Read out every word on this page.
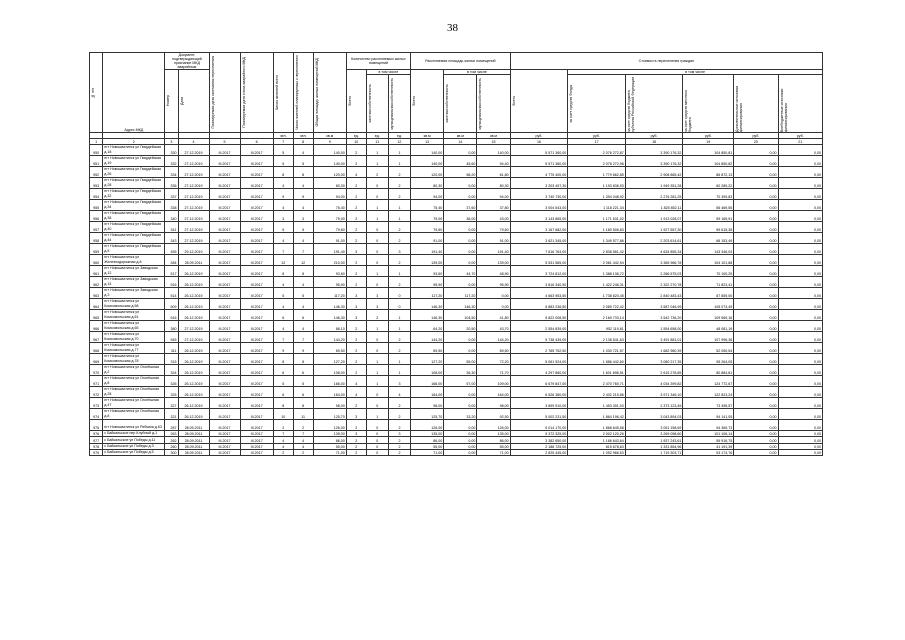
38
№ п/п	Адрес МКД	Документ, подтверждающий признание МКД аварийным		Планируемая дата окончания переселения	Планируемая дата сноса аварийного МКД	Число жителей всего	Число жителей планируемых к переселению	Общая площадь жилых помещений МКД	Количество расселяемых жилых помещений			Расселяемая площадь жилых помещений			Стоимость переселения граждан					

		Номер	Дата						Всего	в том числе		Всего	в том числе		Всего	в том числе				

										частная собственность	муниципальная собственность		частная собственность	муниципальная собственность		за счет средств Фонда	за счет средств бюджета субъекта Российской Федерации	за счет средств местного бюджета	Дополнительные источники финансирования	Внебюджетные источники финансирования

						чел.	чел.	кв.м	ед.	ед.	ед.	кв.м	кв.м	кв.м	руб.	руб.	руб.	руб.	руб.	руб.
1	2	3	4	5	6	7	8	9	10	11	12	13	14	15	16	17	18	19	20	21
950	пгт Новошахтинск ул Гвардейская д.18	330	27.12.2019	III.2017	III.2017	5	4	140,00	2	1	1	140,00	0,00	140,00	5 571 360,00	2 076 272,87	3 390 176,32	104 850,81	0,00	0,00
951	пгт Новошахтинск ул Гвардейская д.19	332	27.12.2019	III.2017	III.2017	5	5	140,00	2	1	1	140,00	45,60	94,40	5 571 360,00	2 076 272,96	3 390 176,32	104 850,82	0,00	0,00
952	пгт Новошахтинск ул Гвардейская д.26	334	27.12.2019	III.2017	III.2017	8	8	120,00	4	2	2	120,00	58,20	61,80	4 775 400,00	1 779 662,85	2 908 865,42	86 872,13	0,00	0,00
953	пгт Новошахтинск ул Гвардейская д.28	336	27.12.2019	III.2017	III.2017	4	4	80,30	2	0	2	80,30	0,00	80,30	3 203 497,30	1 193 836,93	1 949 351,28	60 289,22	0,00	0,00
954	пгт Новошахтинск ул Гвардейская д.32	337	27.12.2019	III.2017	III.2017	9	9	94,00	2	0	2	94,00	0,00	94,00	3 740 730,00	1 394 048,92	2 276 281,25	70 399,83	0,00	0,00
955	пгт Новошахтинск ул Гвардейская д.34	338	27.12.2019	III.2017	III.2017	4	4	75,40	2	1	1	75,40	37,60	37,80	3 004 543,00	1 118 221,34	1 825 852,11	56 469,55	0,00	0,00
956	пгт Новошахтинск ул Гвардейская д.38	340	27.12.2019	III.2017	III.2017	3	3	79,00	2	1	1	79,00	36,00	43,00	3 143 865,00	1 171 631,02	1 913 028,07	59 165,91	0,00	0,00
957	пгт Новошахтинск ул Гвардейская д.40	341	27.12.2019	III.2017	III.2017	5	5	79,60	2	0	2	79,60	0,00	79,60	3 167 682,00	1 180 506,83	1 927 557,30	59 615,38	0,00	0,00
958	пгт Новошахтинск ул Гвардейская д.44	343	27.12.2019	III.2017	III.2017	4	4	91,00	2	0	2	91,00	0,00	91,00	3 621 345,00	1 349 577,86	2 203 614,61	68 153,49	0,00	0,00
959	пгт Новошахтинск ул Гвардейская д.5	455	29.12.2019	III.2017	III.2017	7	7	191,40	3	0	3	191,40	0,00	191,40	7 616 763,00	2 838 561,42	4 634 855,34	143 346,04	0,00	0,00
960	пгт Новошахтинск ул Железнодорожная д.8	284	28.09.2011	III.2017	III.2017	12	12	210,00	2	0	2	139,00	0,00	139,00	5 531 565,00	2 061 442,94	3 365 966,78	104 101,88	0,00	0,00
961	пгт Новошахтинск ул Заводская д.12	517	26.12.2019	III.2017	III.2017	8	8	93,60	2	1	1	93,60	44,70	48,90	3 724 812,00	1 388 136,72	2 266 575,03	70 100,25	0,00	0,00
962	пгт Новошахтинск ул Заводская д.14	516	26.12.2019	III.2017	III.2017	4	4	95,90	2	0	2	95,90	0,00	95,90	3 816 340,50	1 422 246,31	2 322 270,78	71 823,41	0,00	0,00
963	пгт Новошахтинск ул Заводская д.3	514	26.12.2019	III.2017	III.2017	5	5	117,20	3	3	0	117,20	117,20	0,00	4 663 953,50	1 738 620,45	2 840 483,43	87 859,00	0,00	0,00
964	пгт Новошахтинск ул Комсомольская д.58	509	26.12.2019	III.2017	III.2017	4	4	146,30	3	3	0	146,30	146,30	0,00	5 883 236,50	2 089 722,42	3 587 046,99	105 073,49	0,00	0,00
965	пгт Новошахтинск ул Комсомольская д.61	516	26.12.2019	III.2017	III.2017	6	6	146,30	3	2	1	146,30	104,50	41,80	5 822 008,50	2 169 733,14	3 542 736,20	109 569,16	0,00	0,00
966	пгт Новошахтинск ул Комсомольская д.65	380	27.12.2019	III.2017	III.2017	4	4	88,10	2	1	1	64,20	20,50	43,70	2 554 839,00	952 119,81	1 554 658,00	48 081,19	0,00	0,00
967	пгт Новошахтинск ул Комсомольская д.70	545	27.12.2019	III.2017	III.2017	7	7	144,20	2	0	2	144,20	0,00	144,20	5 738 439,00	2 138 541,63	3 491 881,01	107 996,36	0,00	0,00
968	пгт Новошахтинск ул Комсомольская д.77	311	26.12.2019	III.2017	III.2017	9	9	69,50	2	0	2	69,50	0,00	69,50	2 765 752,50	1 030 721,57	1 682 980,39	52 050,54	0,00	0,00
969	пгт Новошахтинск ул Комсомольская д.78	315	26.12.2019	III.2017	III.2017	8	8	127,20	2	1	1	127,20	55,00	72,20	5 061 924,00	1 886 442,60	3 080 217,35	95 264,05	0,00	0,00
970	пгт Новошахтинск ул Огонёшная д.2	324	26.12.2019	III.2017	III.2017	6	6	108,00	2	1	1	108,00	36,30	71,70	4 297 860,00	1 601 696,51	2 615 278,85	80 884,81	0,00	0,00
971	пгт Новошахтинск ул Огонёшная д.8	326	26.12.2019	III.2017	III.2017	5	5	166,00	4	1	3	166,00	57,00	109,00	6 679 847,00	2 470 760,71	4 034 399,82	124 772,67	0,00	0,00
972	пгт Новошахтинск ул Огонёшная д.28	325	26.12.2019	III.2017	III.2017	6	6	164,00	4	0	4	164,00	0,00	164,00	6 526 380,00	2 432 215,86	3 971 346,10	122 823,24	0,00	0,00
973	пгт Новошахтинск ул Огонёшная д.47	327	26.12.2019	III.2017	III.2017	8	8	98,00	2	0	2	98,00	0,00	98,00	3 899 910,00	1 453 391,03	2 373 123,45	73 395,57	0,00	0,00
974	пгт Новошахтинск ул Огонёшная д.8	321	26.12.2019	III.2017	III.2017	10	11	125,70	3	1	2	125,70	33,20	92,50	5 002 231,50	1 864 196,42	3 043 894,03	94 141,05	0,00	0,00
975	пгт Новошахтинск ул Рябчика д.63	287	28.09.2011	III.2017	III.2017	2	2	126,00	2	0	2	126,00	0,00	126,00	5 014 170,00	1 868 645,58	3 051 158,69	94 365,73	0,00	0,00
976	с Байкальское пер Клубный д.1	263	28.09.2011	III.2017	III.2017	7	7	135,00	3	0	3	135,00	0,00	135,00	5 372 325,00	2 002 120,26	3 269 098,60	101 106,14	0,00	0,00
977	с Байкальское ул Победы д.11	262	28.09.2011	III.2017	III.2017	4	4	86,00	2	0	2	86,00	0,00	86,00	3 382 650,00	1 186 643,64	1 937 243,61	59 916,75	0,00	0,00
978	с Байкальское ул Победы д.3	260	28.09.2011	III.2017	III.2017	4	4	55,00	2	0	2	55,00	0,00	55,00	2 188 725,00	815 678,63	1 331 854,96	41 191,39	0,00	0,00
979	с Байкальское ул Победы д.5	300	28.09.2011	III.2017	III.2017	2	2	71,00	2	0	2	71,00	0,00	71,00	2 825 445,00	1 052 966,53	1 719 303,71	53 174,76	0,00	0,00
